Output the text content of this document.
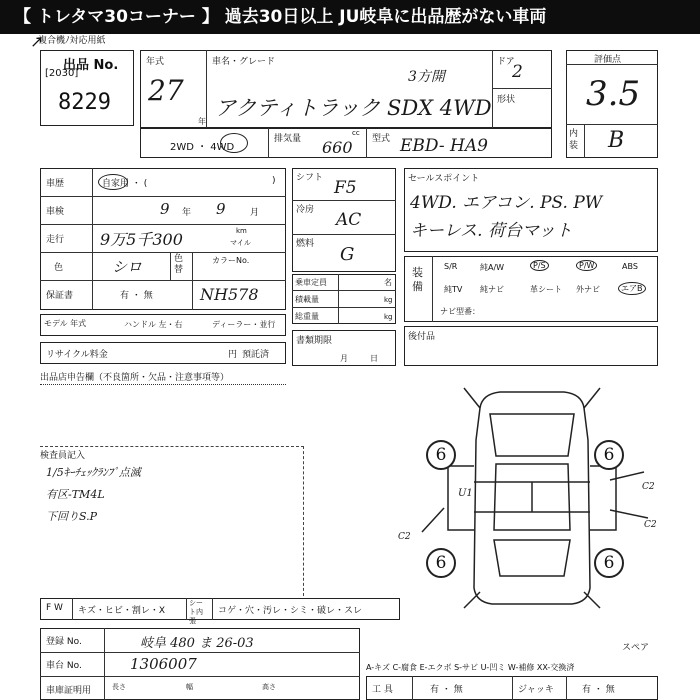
【 トレタマ30コーナー 】 過去30日以上 JU岐阜に出品歴がない車両
複合機ﾉ対応用紙
↗
出品 No.
[2030]
8229
年式
27
年
車名・グレード
3方開
アクティトラック SDX 4WD
ドア
2
形状
2WD ・ 4WD
排気量
cc
660 型式 EBD- HA9
評価点
3.5
内装 B
車歴	自家用 ・ (	)
車検	9 年 9	月
走行 9万5千300	km
マイル
色	シロ	色替
カラーNo.
保証書	有 ・ 無	NH578
モデル 年式	ハンドル 左・右	ディーラー・並行
リサイクル料金	円 預託済
シフト F5
冷房 AC
燃料 G
乗車定員	名
積載量	kg
総重量	kg
書類期限
月日
セールスポイント
4WD. エアコン. PS. PW
キーレス. 荷台マット
装備
S/R	純A/W	P/S	P/W	ABS
純TV 純ナビ	革シート 外ナビ	エアB
ナビ型番：
後付品
出品店申告欄（不良箇所・欠品・注意事項等）
検査員記入
1/5ｷｰﾁｪｯｸﾗﾝﾌﾟ点滅
有区-TM4L
下回りS.P
6	6
6	6
U1
C2
C2
C2
スペア
F W キズ・ヒビ・割レ・X
シート内張
コゲ・穴・汚レ・シミ・破レ・スレ
登録 No.	岐阜 480 ま 26-03
車台 No.	1306007
車庫証明用	長さ	幅	高さ
A-キズ C-腐食 E-エクボ S-サビ U-凹ミ W-補修 XX-交換済
工 具	有 ・ 無	ジャッキ	有 ・ 無
